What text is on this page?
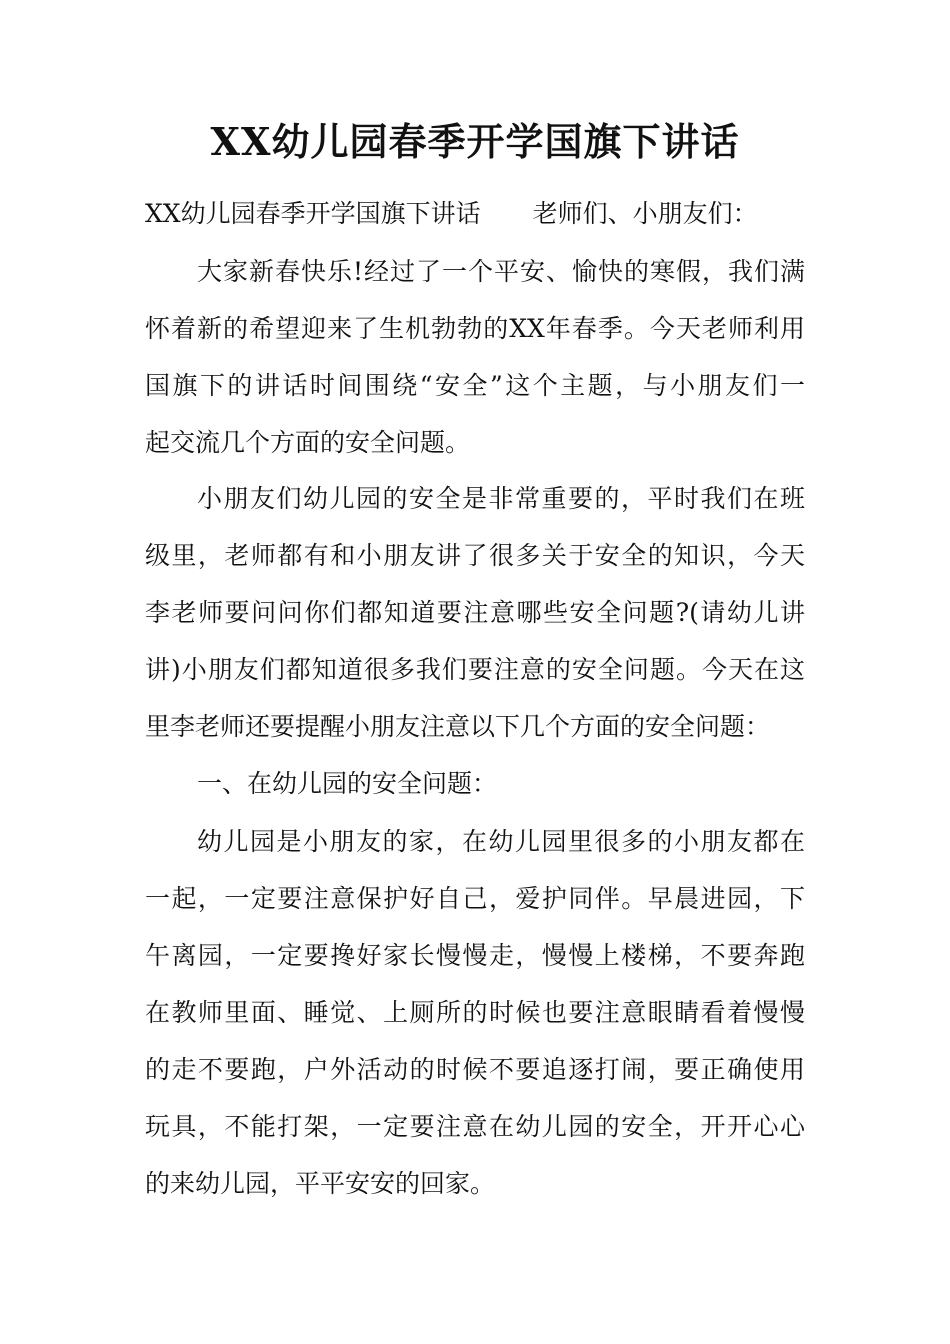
XX幼儿园春季开学国旗下讲话
XX幼儿园春季开学国旗下讲话 老师们、小朋友们：
大家新春快乐!经过了一个平安、愉快的寒假，我们满
怀着新的希望迎来了生机勃勃的XX年春季。今天老师利用
国旗下的讲话时间围绕“安全”这个主题，与小朋友们一
起交流几个方面的安全问题。
小朋友们幼儿园的安全是非常重要的，平时我们在班
级里，老师都有和小朋友讲了很多关于安全的知识，今天
李老师要问问你们都知道要注意哪些安全问题?(请幼儿讲
讲)小朋友们都知道很多我们要注意的安全问题。今天在这
里李老师还要提醒小朋友注意以下几个方面的安全问题：
一、在幼儿园的安全问题：
幼儿园是小朋友的家，在幼儿园里很多的小朋友都在
一起，一定要注意保护好自己，爱护同伴。早晨进园，下
午离园，一定要搀好家长慢慢走，慢慢上楼梯，不要奔跑
在教师里面、睡觉、上厕所的时候也要注意眼睛看着慢慢
的走不要跑，户外活动的时候不要追逐打闹，要正确使用
玩具，不能打架，一定要注意在幼儿园的安全，开开心心
的来幼儿园，平平安安的回家。
